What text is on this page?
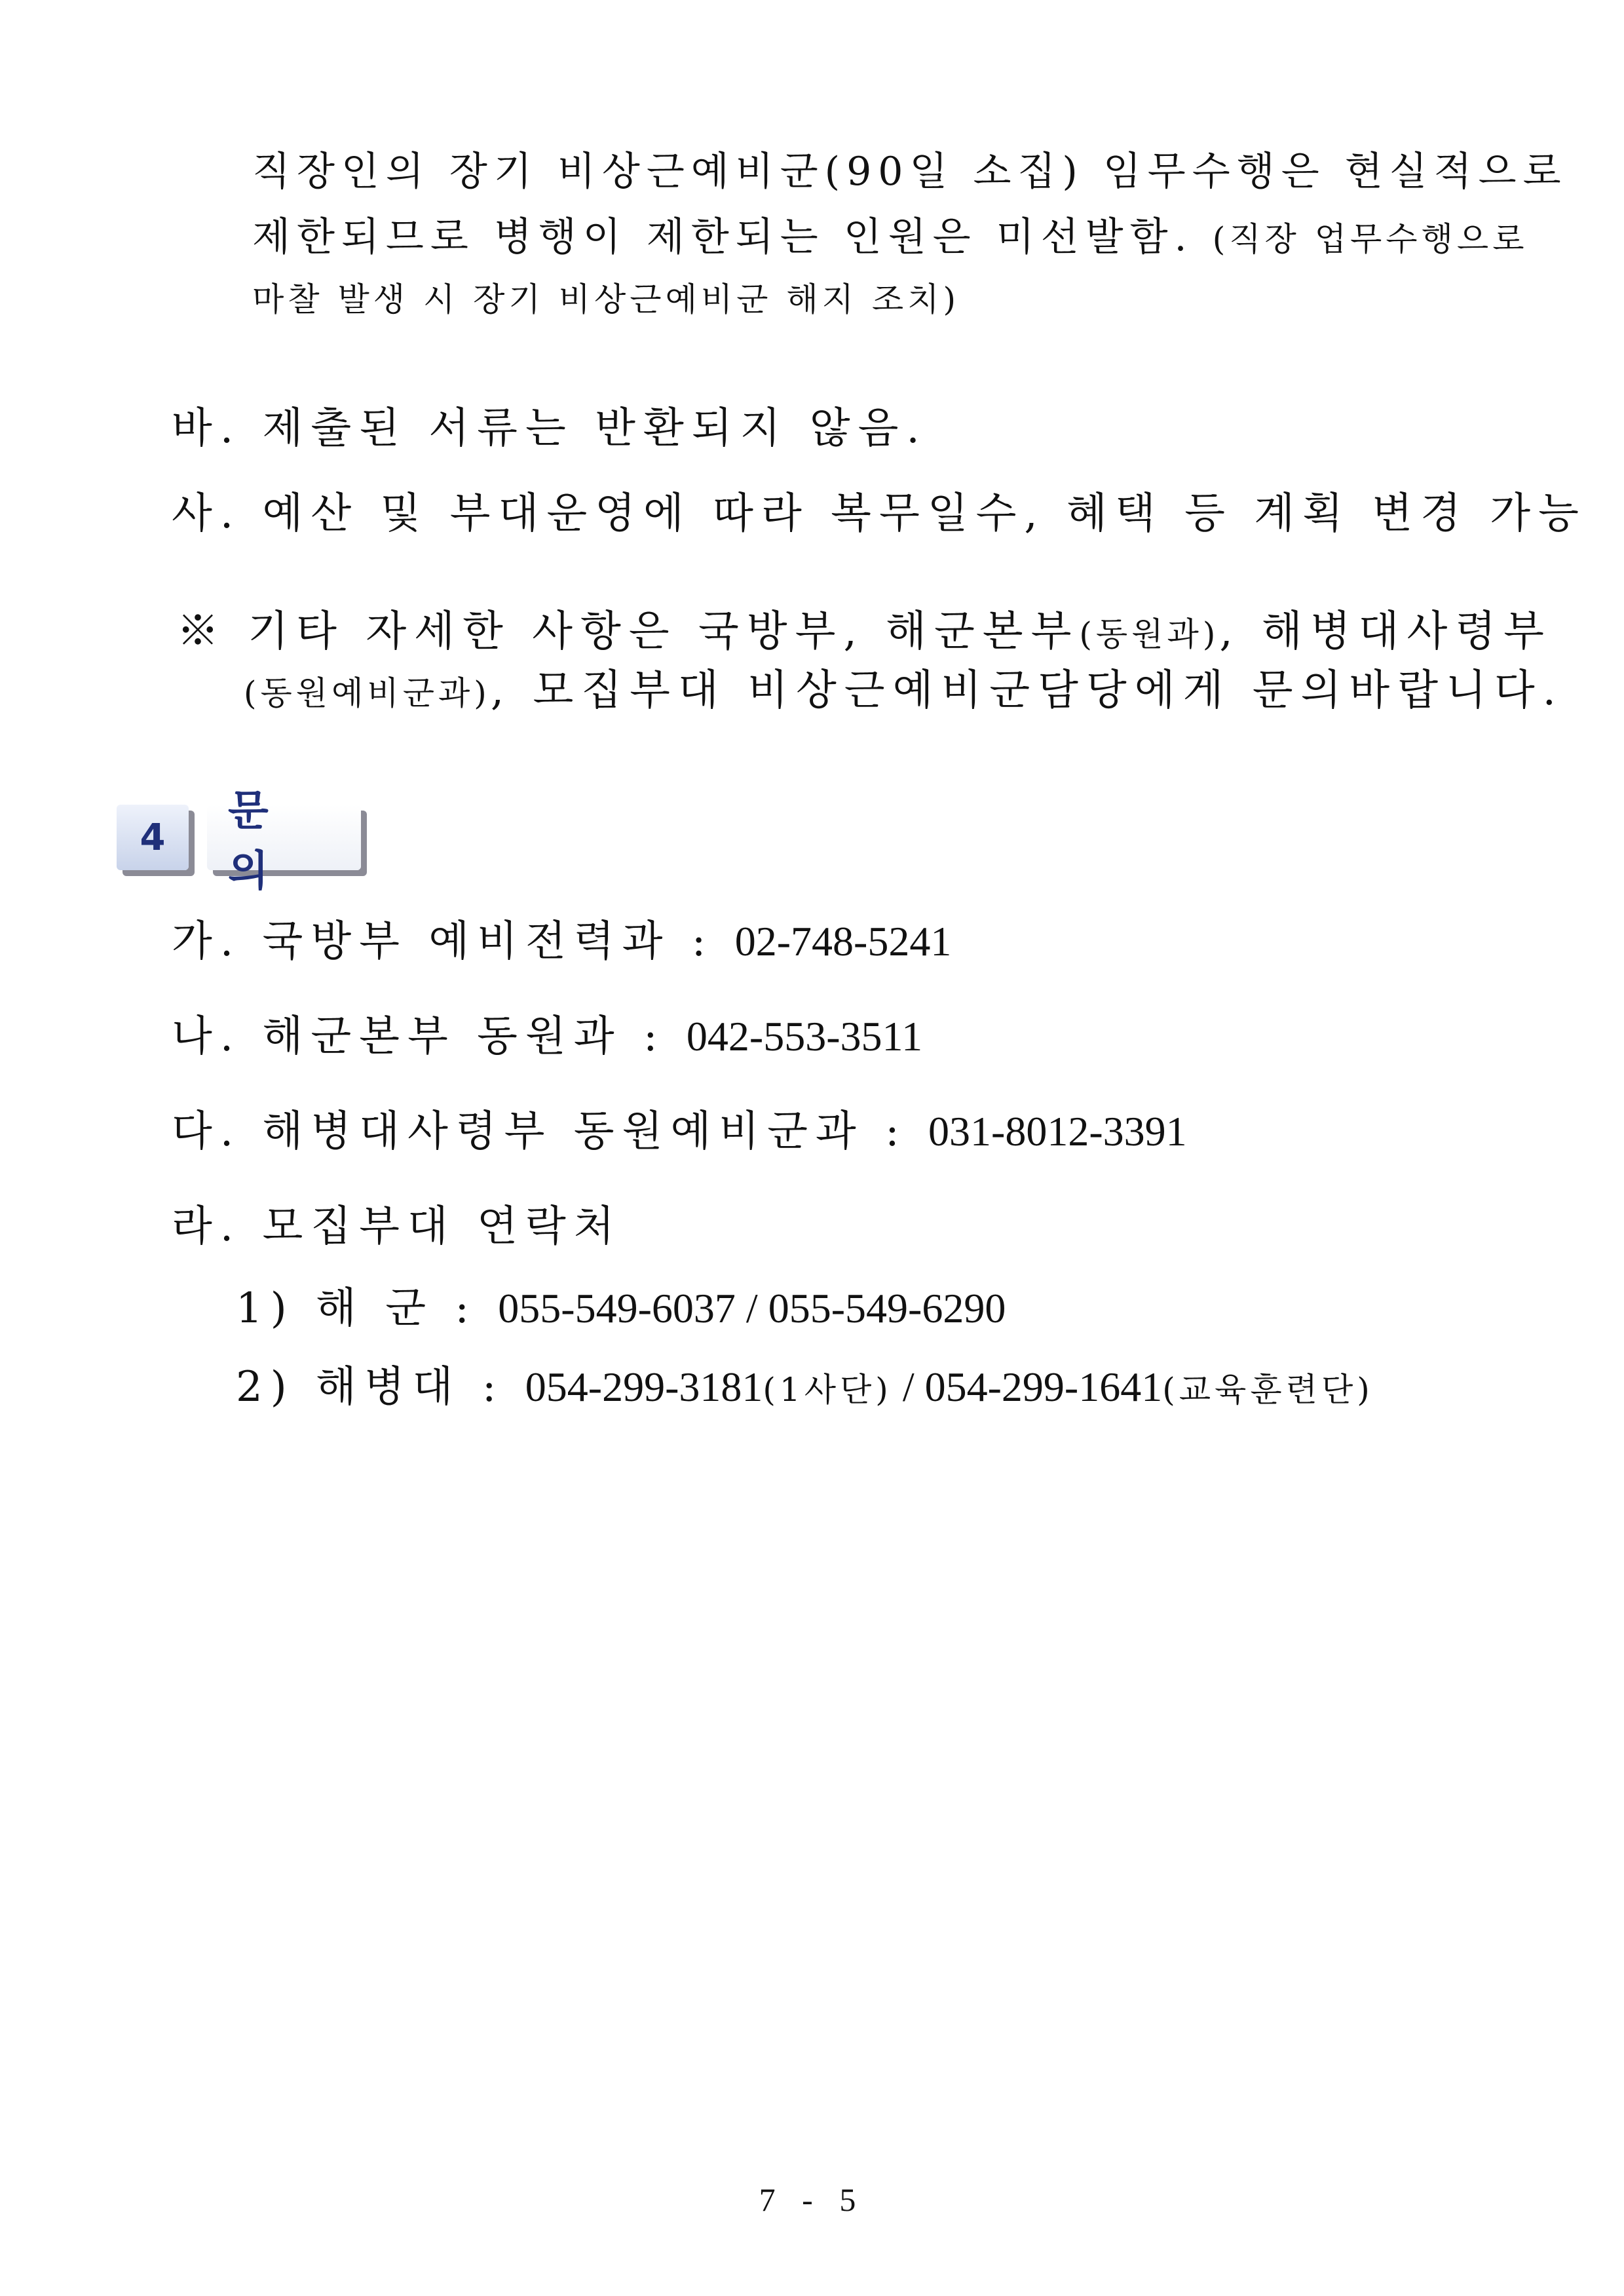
직장인의 장기 비상근예비군(90일 소집) 임무수행은 현실적으로
제한되므로 병행이 제한되는 인원은 미선발함. (직장 업무수행으로
마찰 발생 시 장기 비상근예비군 해지 조치)
바. 제출된 서류는 반환되지 않음.
사. 예산 및 부대운영에 따라 복무일수, 혜택 등 계획 변경 가능
※ 기타 자세한 사항은 국방부, 해군본부(동원과), 해병대사령부
(동원예비군과), 모집부대 비상근예비군담당에게 문의바랍니다.
4
문 의
가. 국방부 예비전력과 : 02-748-5241
나. 해군본부 동원과 : 042-553-3511
다. 해병대사령부 동원예비군과 : 031-8012-3391
라. 모집부대 연락처
1) 해 군 : 055-549-6037 / 055-549-6290
2) 해병대 : 054-299-3181(1사단) / 054-299-1641(교육훈련단)
7 - 5
